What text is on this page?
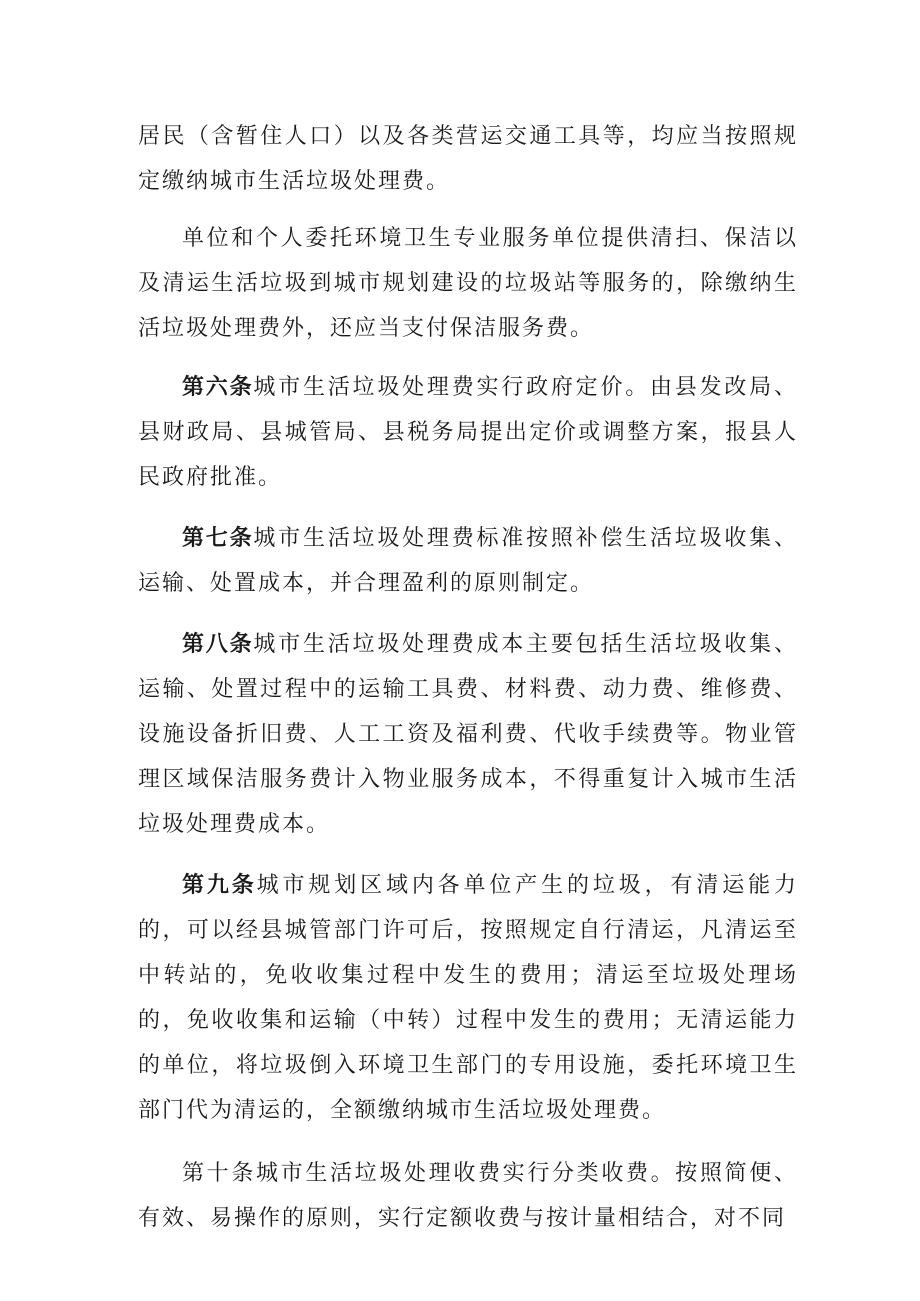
居民（含暂住人口）以及各类营运交通工具等，均应当按照规定缴纳城市生活垃圾处理费。

单位和个人委托环境卫生专业服务单位提供清扫、保洁以及清运生活垃圾到城市规划建设的垃圾站等服务的，除缴纳生活垃圾处理费外，还应当支付保洁服务费。

第六条城市生活垃圾处理费实行政府定价。由县发改局、县财政局、县城管局、县税务局提出定价或调整方案，报县人民政府批准。

第七条城市生活垃圾处理费标准按照补偿生活垃圾收集、运输、处置成本，并合理盈利的原则制定。

第八条城市生活垃圾处理费成本主要包括生活垃圾收集、运输、处置过程中的运输工具费、材料费、动力费、维修费、设施设备折旧费、人工工资及福利费、代收手续费等。物业管理区域保洁服务费计入物业服务成本，不得重复计入城市生活垃圾处理费成本。

第九条城市规划区域内各单位产生的垃圾，有清运能力的，可以经县城管部门许可后，按照规定自行清运，凡清运至中转站的，免收收集过程中发生的费用；清运至垃圾处理场的，免收收集和运输（中转）过程中发生的费用；无清运能力的单位，将垃圾倒入环境卫生部门的专用设施，委托环境卫生部门代为清运的，全额缴纳城市生活垃圾处理费。

第十条城市生活垃圾处理收费实行分类收费。按照简便、有效、易操作的原则，实行定额收费与按计量相结合，对不同
